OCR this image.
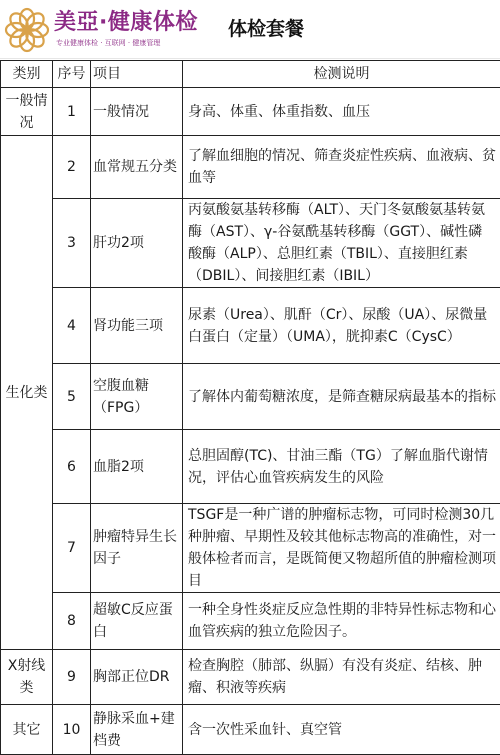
美亞·健康体检
专业健康体检 · 互联网 · 健康管理
体检套餐
类别	序号	项目	检测说明
一般情况	1	一般情况	身高、体重、体重指数、血压
生化类	2	血常规五分类	了解血细胞的情况、筛查炎症性疾病、血液病、贫血等
	3	肝功2项	丙氨酸氨基转移酶（ALT）、天门冬氨酸氨基转氨酶（AST）、γ-谷氨酰基转移酶（GGT）、碱性磷酸酶（ALP）、总胆红素（TBIL）、直接胆红素（DBIL）、间接胆红素（IBIL）
	4	肾功能三项	尿素（Urea）、肌酐（Cr）、尿酸（UA）、尿微量白蛋白（定量）（UMA），胱抑素C（CysC）
	5	空腹血糖（FPG）	了解体内葡萄糖浓度，是筛查糖尿病最基本的指标
	6	血脂2项	总胆固醇(TC)、甘油三酯（TG）了解血脂代谢情况，评估心血管疾病发生的风险
	7	肿瘤特异生长因子	TSGF是一种广谱的肿瘤标志物，可同时检测30几种肿瘤、早期性及较其他标志物高的准确性，对一般体检者而言，是既简便又物超所值的肿瘤检测项目
	8	超敏C反应蛋白	一种全身性炎症反应急性期的非特异性标志物和心血管疾病的独立危险因子。
X射线类	9	胸部正位DR	检查胸腔（肺部、纵膈）有没有炎症、结核、肿瘤、积液等疾病
其它	10	静脉采血+建档费	含一次性采血针、真空管
